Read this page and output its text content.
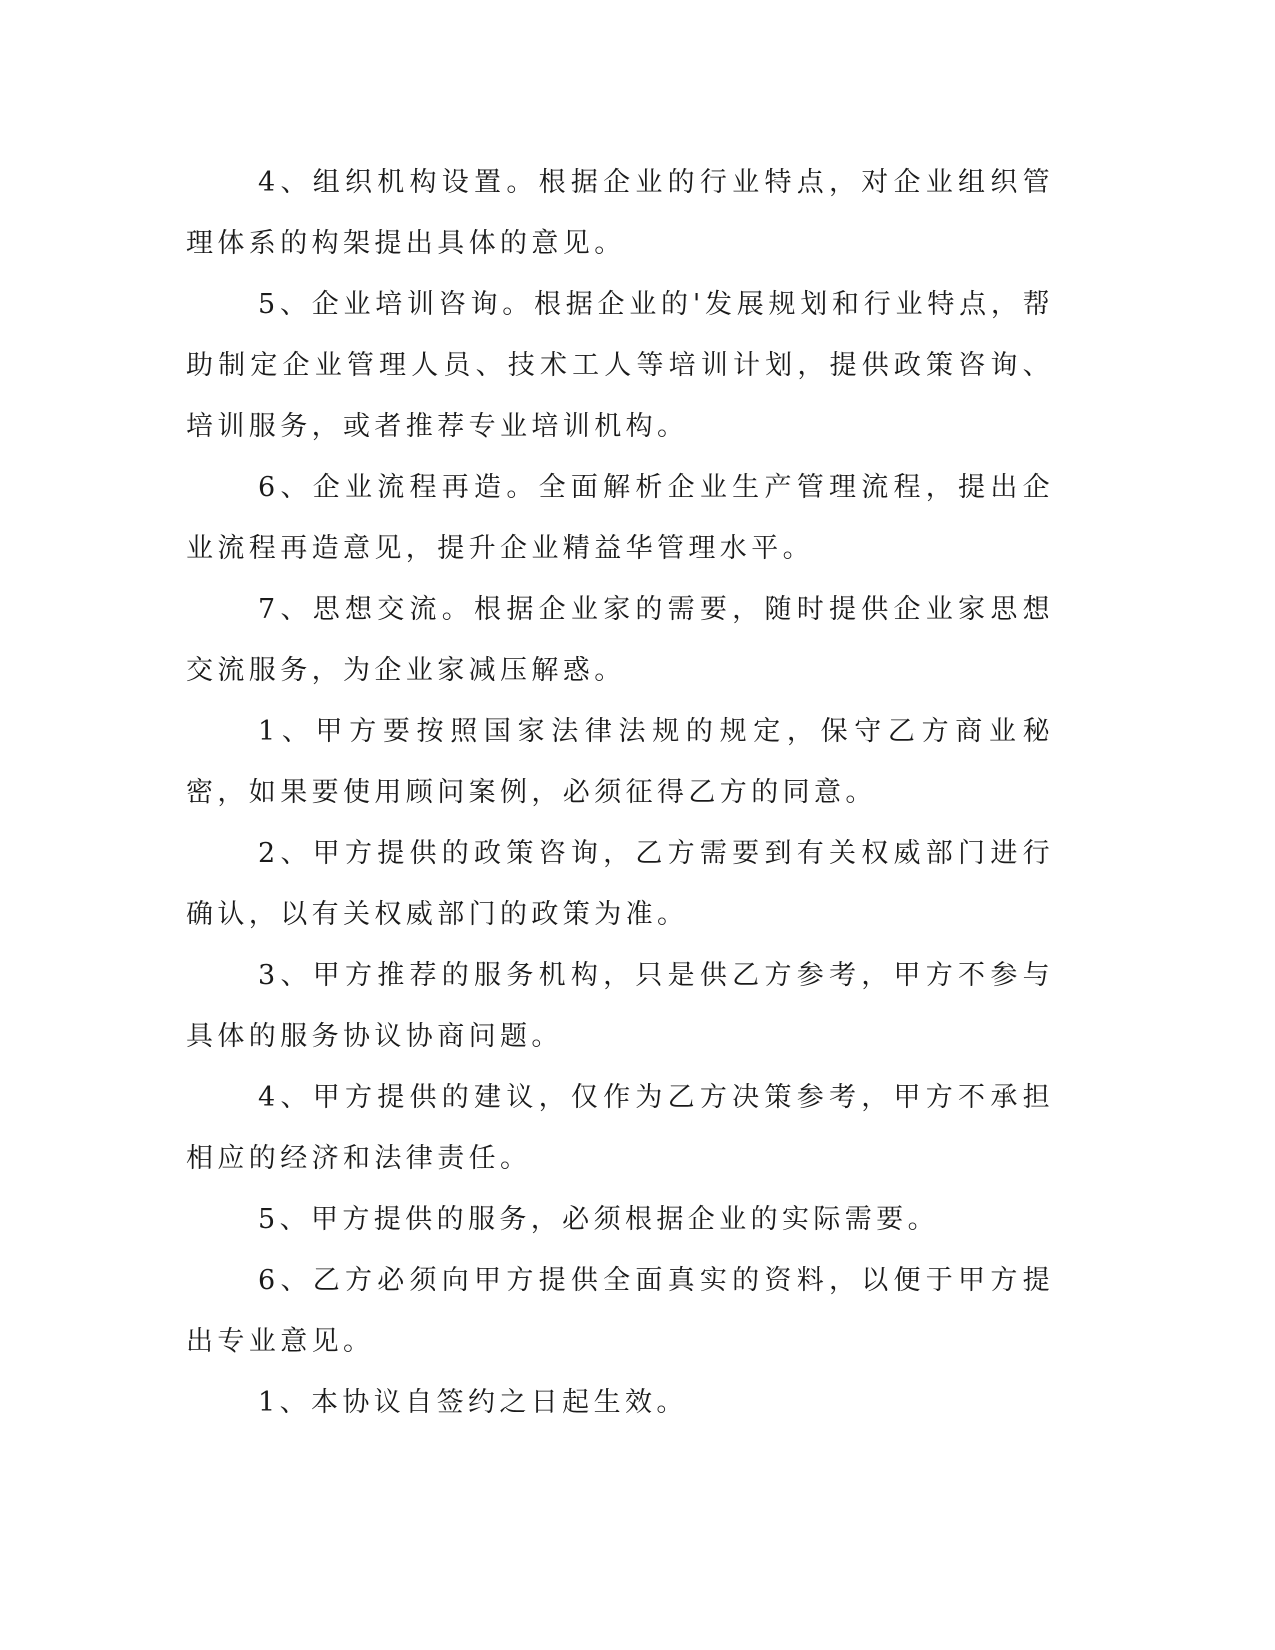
4、组织机构设置。根据企业的行业特点，对企业组织管理体系的构架提出具体的意见。

5、企业培训咨询。根据企业的'发展规划和行业特点，帮助制定企业管理人员、技术工人等培训计划，提供政策咨询、培训服务，或者推荐专业培训机构。

6、企业流程再造。全面解析企业生产管理流程，提出企业流程再造意见，提升企业精益华管理水平。

7、思想交流。根据企业家的需要，随时提供企业家思想交流服务，为企业家减压解惑。

1、甲方要按照国家法律法规的规定，保守乙方商业秘密，如果要使用顾问案例，必须征得乙方的同意。

2、甲方提供的政策咨询，乙方需要到有关权威部门进行确认，以有关权威部门的政策为准。

3、甲方推荐的服务机构，只是供乙方参考，甲方不参与具体的服务协议协商问题。

4、甲方提供的建议，仅作为乙方决策参考，甲方不承担相应的经济和法律责任。

5、甲方提供的服务，必须根据企业的实际需要。

6、乙方必须向甲方提供全面真实的资料，以便于甲方提出专业意见。

1、本协议自签约之日起生效。
